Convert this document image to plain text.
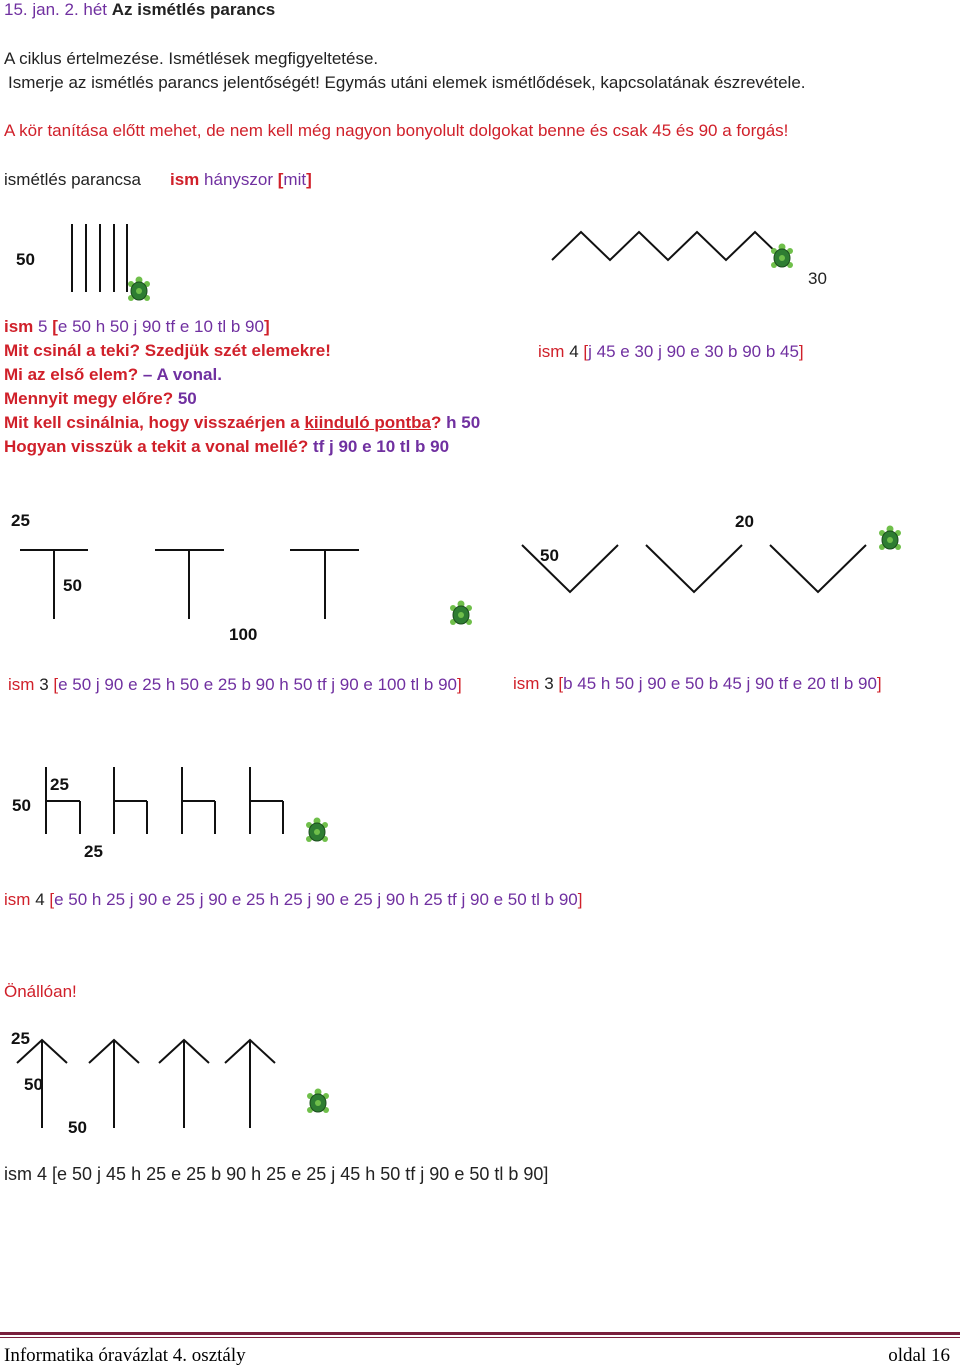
15. jan. 2. hét Az ismétlés parancs
A ciklus értelmezése. Ismétlések megfigyeltetése.
Ismerje az ismétlés parancs jelentőségét! Egymás utáni elemek ismétlődések, kapcsolatának észrevétele.
A kör tanítása előtt mehet, de nem kell még nagyon bonyolult dolgokat benne és csak 45 és 90 a forgás!
ismétlés parancsa ism hányszor [mit]
50
ism 5 [e 50 h 50 j 90 tf e 10 tl b 90]
Mit csinál a teki? Szedjük szét elemekre!
Mi az első elem? – A vonal.
Mennyit megy előre? 50
Mit kell csinálnia, hogy visszaérjen a kiinduló pontba? h 50
Hogyan visszük a tekit a vonal mellé? tf j 90 e 10 tl b 90
30
ism 4 [j 45 e 30 j 90 e 30 b 90 b 45]
25
50
100
ism 3 [e 50 j 90 e 25 h 50 e 25 b 90 h 50 tf j 90 e 100 tl b 90]
50
20
ism 3 [b 45 h 50 j 90 e 50 b 45 j 90 tf e 20 tl b 90]
50
25
25
ism 4 [e 50 h 25 j 90 e 25 j 90 e 25 h 25 j 90 e 25 j 90 h 25 tf j 90 e 50 tl b 90]
Önállóan!
25
50
50
ism 4 [e 50 j 45 h 25 e 25 b 90 h 25 e 25 j 45 h 50 tf j 90 e 50 tl b 90]
Informatika óravázlat 4. osztály	oldal 16
